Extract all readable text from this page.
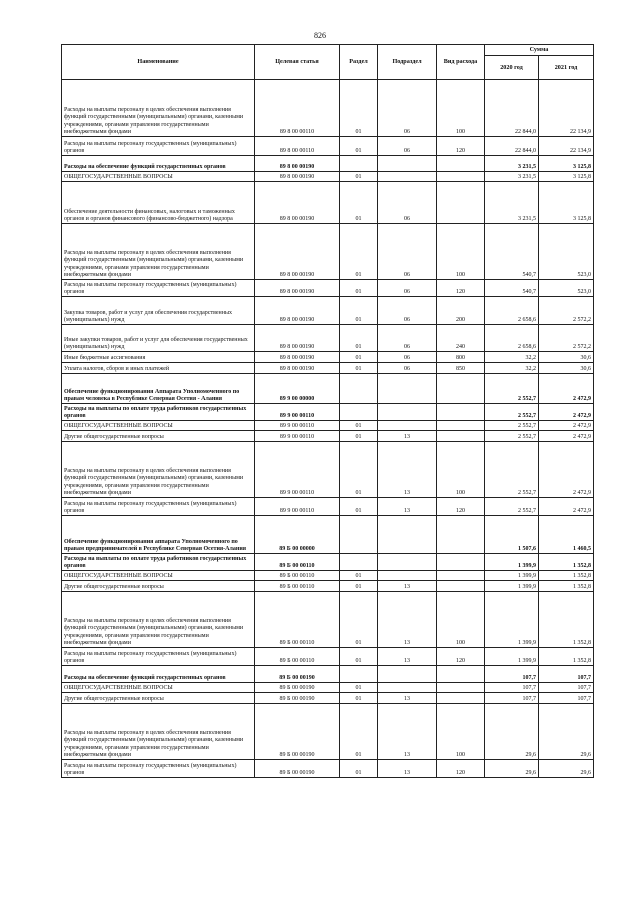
826
Наименование	Целевая статья	Раздел	Подраздел	Вид расхода	Сумма	
					2020 год	2021 год
Расходы на выплаты персоналу в целях обеспечения выполнения функций государственными (муниципальными) органами, казенными учреждениями, органами управления государственными внебюджетными фондами	89 8 00 00110	01	06	100	22 844,0	22 134,9
Расходы на выплаты персоналу государственных (муниципальных) органов	89 8 00 00110	01	06	120	22 844,0	22 134,9
Расходы на обеспечение функций государственных органов	89 8 00 00190				3 231,5	3 125,8
ОБЩЕГОСУДАРСТВЕННЫЕ ВОПРОСЫ	89 8 00 00190	01			3 231,5	3 125,8
Обеспечение деятельности финансовых, налоговых и таможенных органов и органов финансового (финансово-бюджетного) надзора	89 8 00 00190	01	06		3 231,5	3 125,8
Расходы на выплаты персоналу в целях обеспечения выполнения функций государственными (муниципальными) органами, казенными учреждениями, органами управления государственными внебюджетными фондами	89 8 00 00190	01	06	100	540,7	523,0
Расходы на выплаты персоналу государственных (муниципальных) органов	89 8 00 00190	01	06	120	540,7	523,0
Закупка товаров, работ и услуг для обеспечения государственных (муниципальных) нужд	89 8 00 00190	01	06	200	2 658,6	2 572,2
Иные закупки товаров, работ и услуг для обеспечения государственных (муниципальных) нужд	89 8 00 00190	01	06	240	2 658,6	2 572,2
Иные бюджетные ассигнования	89 8 00 00190	01	06	800	32,2	30,6
Уплата налогов, сборов и иных платежей	89 8 00 00190	01	06	850	32,2	30,6
Обеспечение функционирования Аппарата Уполномоченного по правам человека в Республике Северная Осетия - Алания	89 9 00 00000				2 552,7	2 472,9
Расходы на выплаты по оплате труда работников государственных органов	89 9 00 00110				2 552,7	2 472,9
ОБЩЕГОСУДАРСТВЕННЫЕ ВОПРОСЫ	89 9 00 00110	01			2 552,7	2 472,9
Другие общегосударственные вопросы	89 9 00 00110	01	13		2 552,7	2 472,9
Расходы на выплаты персоналу в целях обеспечения выполнения функций государственными (муниципальными) органами, казенными учреждениями, органами управления государственными внебюджетными фондами	89 9 00 00110	01	13	100	2 552,7	2 472,9
Расходы на выплаты персоналу государственных (муниципальных) органов	89 9 00 00110	01	13	120	2 552,7	2 472,9
Обеспечение функционирования аппарата Уполномоченного по правам предпринимателей в Республике Северная Осетия-Алания	89 Б 00 00000				1 507,6	1 460,5
Расходы на выплаты по оплате труда работников государственных органов	89 Б 00 00110				1 399,9	1 352,8
ОБЩЕГОСУДАРСТВЕННЫЕ ВОПРОСЫ	89 Б 00 00110	01			1 399,9	1 352,8
Другие общегосударственные вопросы	89 Б 00 00110	01	13		1 399,9	1 352,8
Расходы на выплаты персоналу в целях обеспечения выполнения функций государственными (муниципальными) органами, казенными учреждениями, органами управления государственными внебюджетными фондами	89 Б 00 00110	01	13	100	1 399,9	1 352,8
Расходы на выплаты персоналу государственных (муниципальных) органов	89 Б 00 00110	01	13	120	1 399,9	1 352,8
Расходы на обеспечение функций государственных органов	89 Б 00 00190				107,7	107,7
ОБЩЕГОСУДАРСТВЕННЫЕ ВОПРОСЫ	89 Б 00 00190	01			107,7	107,7
Другие общегосударственные вопросы	89 Б 00 00190	01	13		107,7	107,7
Расходы на выплаты персоналу в целях обеспечения выполнения функций государственными (муниципальными) органами, казенными учреждениями, органами управления государственными внебюджетными фондами	89 Б 00 00190	01	13	100	29,6	29,6
Расходы на выплаты персоналу государственных (муниципальных) органов	89 Б 00 00190	01	13	120	29,6	29,6
